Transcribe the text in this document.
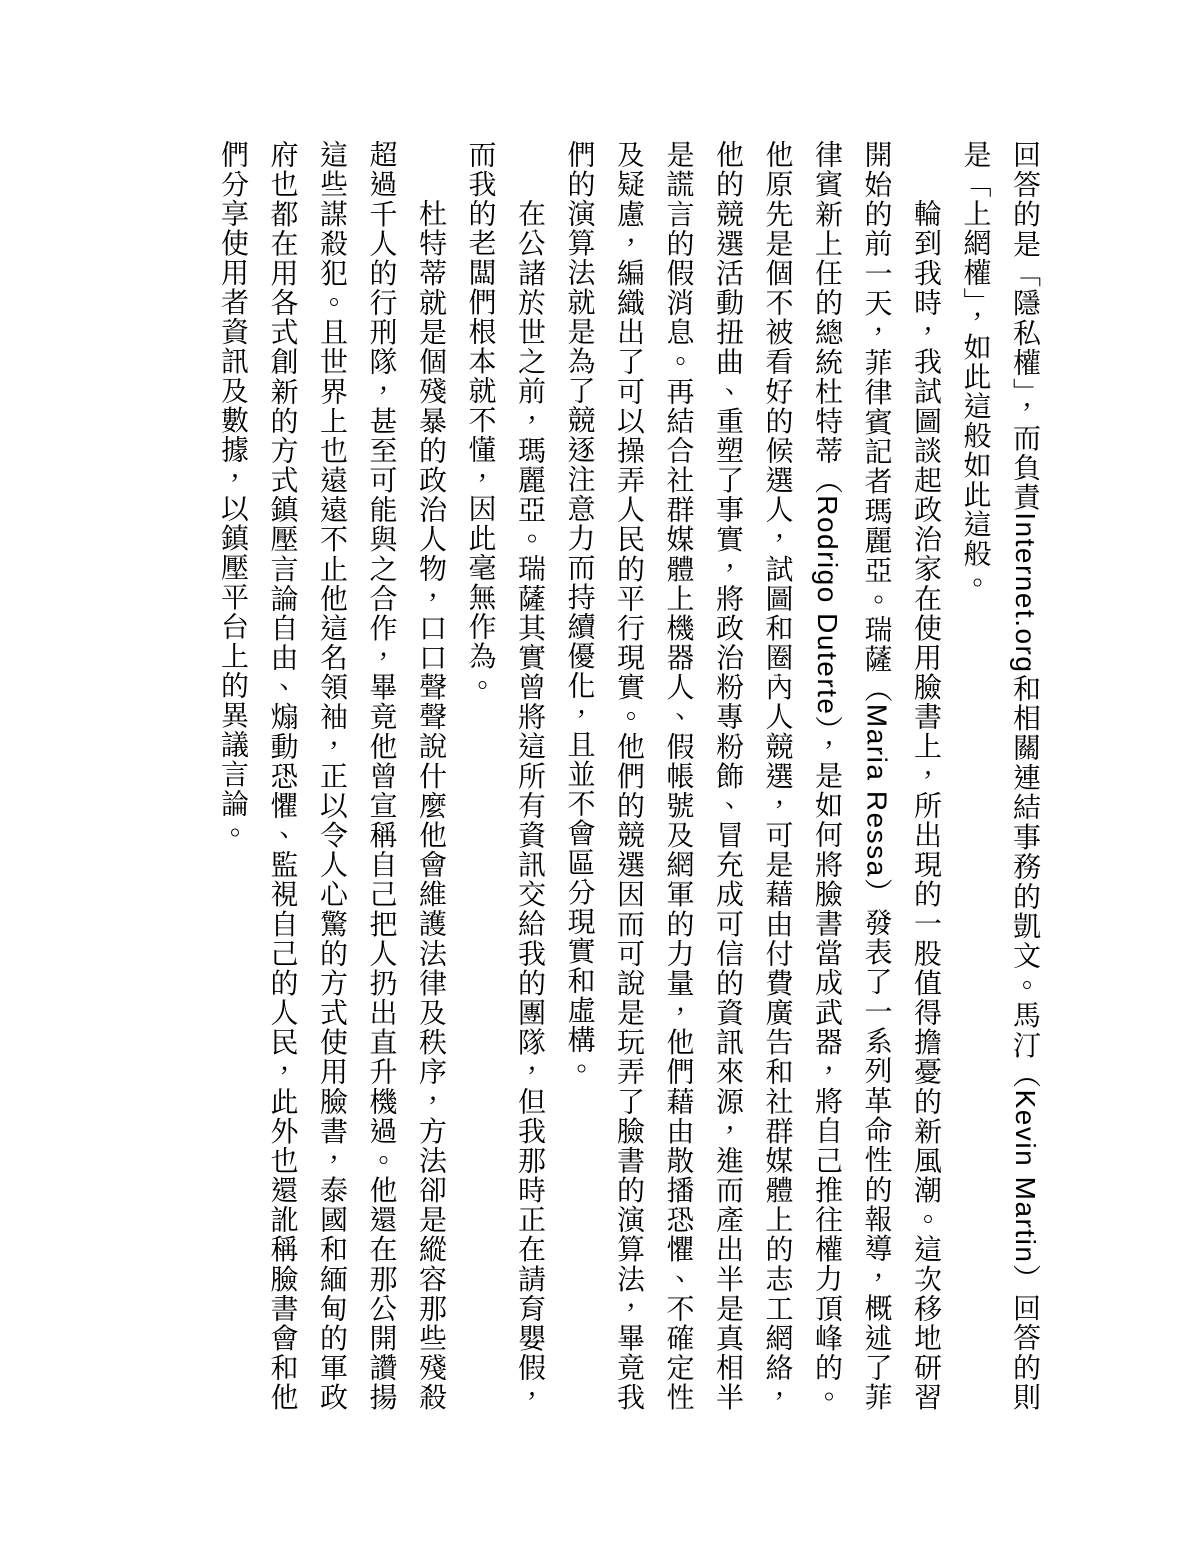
回答的是「隱私權」，而負責Internet.org和相關連結事務的凱文。馬汀（Kevin Martin）回答的則是「上網權」，如此這般如此這般。

輪到我時，我試圖談起政治家在使用臉書上，所出現的一股值得擔憂的新風潮。這次移地研習開始的前一天，菲律賓記者瑪麗亞。瑞薩（Maria Ressa）發表了一系列革命性的報導，概述了菲律賓新上任的總統杜特蒂（Rodrigo Duterte），是如何將臉書當成武器，將自己推往權力頂峰的。他原先是個不被看好的候選人，試圖和圈內人競選，可是藉由付費廣告和社群媒體上的志工網絡，他的競選活動扭曲、重塑了事實，將政治粉專粉飾、冒充成可信的資訊來源，進而產出半是真相半是謊言的假消息。再結合社群媒體上機器人、假帳號及網軍的力量，他們藉由散播恐懼、不確定性及疑慮，編織出了可以操弄人民的平行現實。他們的競選因而可說是玩弄了臉書的演算法，畢竟我們的演算法就是為了競逐注意力而持續優化，且並不會區分現實和虛構。

在公諸於世之前，瑪麗亞。瑞薩其實曾將這所有資訊交給我的團隊，但我那時正在請育嬰假，而我的老闆們根本就不懂，因此毫無作為。

杜特蒂就是個殘暴的政治人物，口口聲聲說什麼他會維護法律及秩序，方法卻是縱容那些殘殺超過千人的行刑隊，甚至可能與之合作，畢竟他曾宣稱自己把人扔出直升機過。他還在那公開讚揚這些謀殺犯。且世界上也遠遠不止他這名領袖，正以令人心驚的方式使用臉書，泰國和緬甸的軍政府也都在用各式創新的方式鎮壓言論自由、煽動恐懼、監視自己的人民，此外也還訛稱臉書會和他們分享使用者資訊及數據，以鎮壓平台上的異議言論。
